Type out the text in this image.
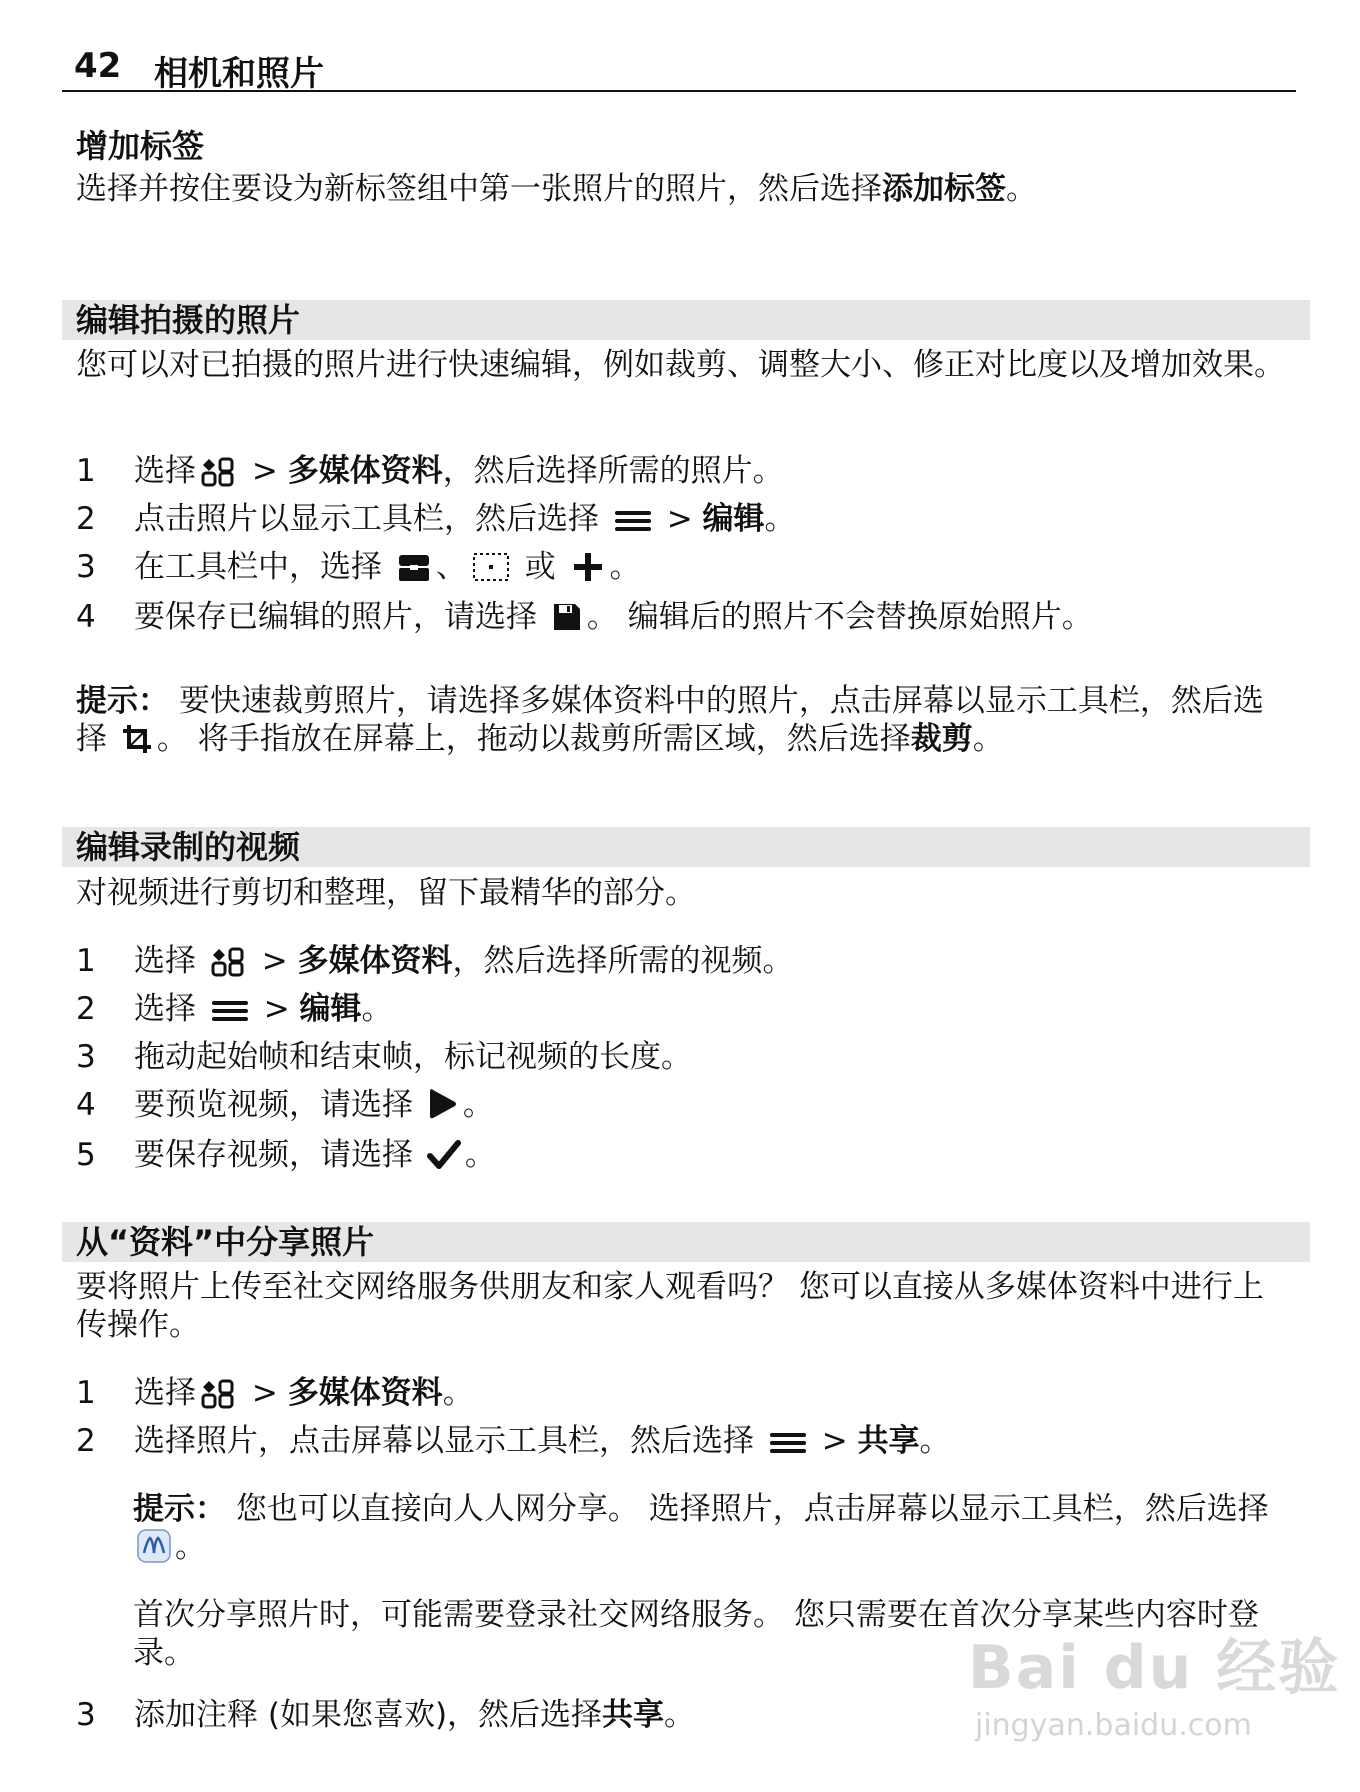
42 相机和照片
增加标签
选择并按住要设为新标签组中第一张照片的照片，然后选择添加标签。
编辑拍摄的照片
您可以对已拍摄的照片进行快速编辑，例如裁剪、调整大小、修正对比度以及增加效果。
1	选择
> 多媒体资料，然后选择所需的照片。
2	点击照片以显示工具栏，然后选择
> 编辑。
3	在工具栏中，选择
、
或
。
4	要保存已编辑的照片，请选择
。 编辑后的照片不会替换原始照片。
提示： 要快速裁剪照片，请选择多媒体资料中的照片，点击屏幕以显示工具栏，然后选择
。 将手指放在屏幕上，拖动以裁剪所需区域，然后选择裁剪。
编辑录制的视频
对视频进行剪切和整理，留下最精华的部分。
1	选择
> 多媒体资料，然后选择所需的视频。
2	选择
> 编辑。
3	拖动起始帧和结束帧，标记视频的长度。
4	要预览视频，请选择
。
5	要保存视频，请选择
。
从“资料”中分享照片
要将照片上传至社交网络服务供朋友和家人观看吗？ 您可以直接从多媒体资料中进行上传操作。
1	选择
> 多媒体资料。
2	选择照片，点击屏幕以显示工具栏，然后选择
> 共享。
提示： 您也可以直接向人人网分享。 选择照片，点击屏幕以显示工具栏，然后选择
。
首次分享照片时，可能需要登录社交网络服务。 您只需要在首次分享某些内容时登录。
3	添加注释 (如果您喜欢)，然后选择共享。
Bai du 经验
jingyan.baidu.com
